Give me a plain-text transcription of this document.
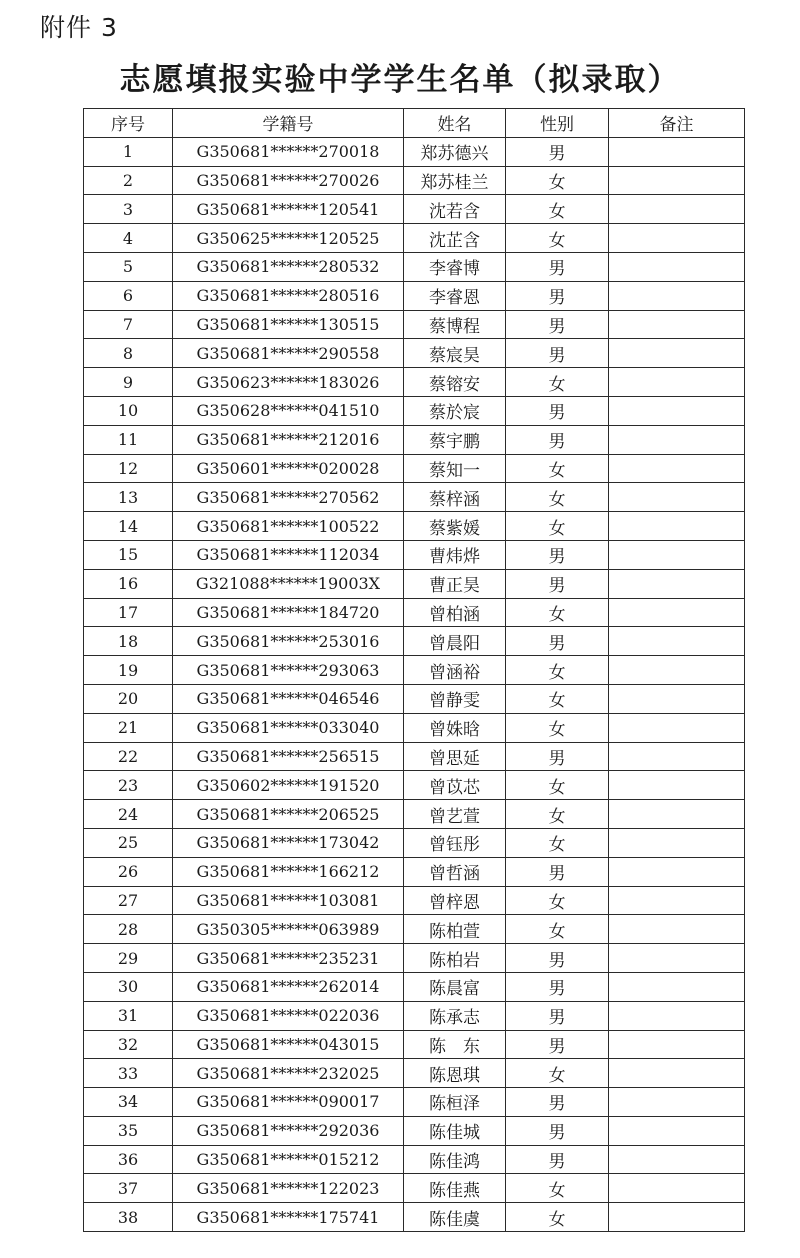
附件 3
志愿填报实验中学学生名单（拟录取）
序号	学籍号	姓名	性别	备注
1	G350681******270018	郑苏德兴	男	
2	G350681******270026	郑苏桂兰	女	
3	G350681******120541	沈若含	女	
4	G350625******120525	沈芷含	女	
5	G350681******280532	李睿博	男	
6	G350681******280516	李睿恩	男	
7	G350681******130515	蔡博程	男	
8	G350681******290558	蔡宸昊	男	
9	G350623******183026	蔡镕安	女	
10	G350628******041510	蔡於宸	男	
11	G350681******212016	蔡宇鹏	男	
12	G350601******020028	蔡知一	女	
13	G350681******270562	蔡梓涵	女	
14	G350681******100522	蔡紫媛	女	
15	G350681******112034	曹炜烨	男	
16	G321088******19003X	曹正昊	男	
17	G350681******184720	曾柏涵	女	
18	G350681******253016	曾晨阳	男	
19	G350681******293063	曾涵裕	女	
20	G350681******046546	曾静雯	女	
21	G350681******033040	曾姝晗	女	
22	G350681******256515	曾思延	男	
23	G350602******191520	曾苡芯	女	
24	G350681******206525	曾艺萱	女	
25	G350681******173042	曾钰彤	女	
26	G350681******166212	曾哲涵	男	
27	G350681******103081	曾梓恩	女	
28	G350305******063989	陈柏萱	女	
29	G350681******235231	陈柏岩	男	
30	G350681******262014	陈晨富	男	
31	G350681******022036	陈承志	男	
32	G350681******043015	陈　东	男	
33	G350681******232025	陈恩琪	女	
34	G350681******090017	陈桓泽	男	
35	G350681******292036	陈佳城	男	
36	G350681******015212	陈佳鸿	男	
37	G350681******122023	陈佳燕	女	
38	G350681******175741	陈佳虞	女	
